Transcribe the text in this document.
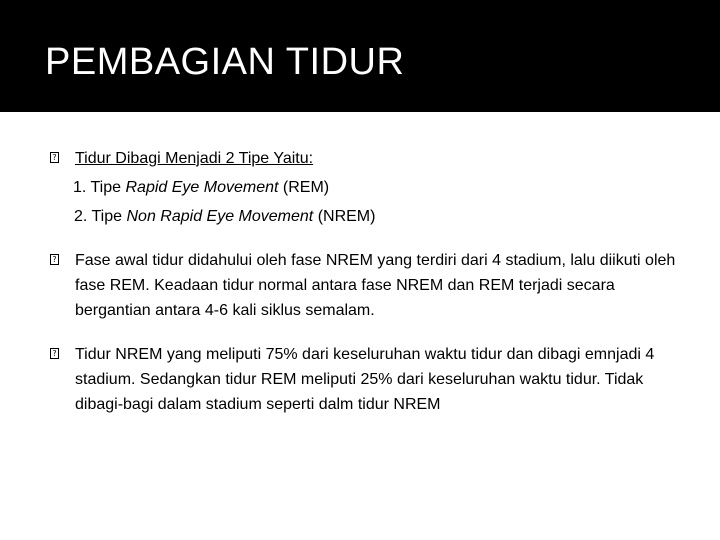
PEMBAGIAN TIDUR
? Tidur Dibagi Menjadi 2 Tipe Yaitu:
1. Tipe Rapid Eye Movement (REM)
2. Tipe Non Rapid Eye Movement (NREM)
? Fase awal tidur didahului oleh fase NREM yang terdiri dari 4 stadium, lalu diikuti oleh fase REM. Keadaan tidur normal antara fase NREM dan REM terjadi secara bergantian antara 4-6 kali siklus semalam.
? Tidur NREM yang meliputi 75% dari keseluruhan waktu tidur dan dibagi emnjadi 4 stadium. Sedangkan tidur REM meliputi 25% dari keseluruhan waktu tidur. Tidak dibagi-bagi dalam stadium seperti dalm tidur NREM
